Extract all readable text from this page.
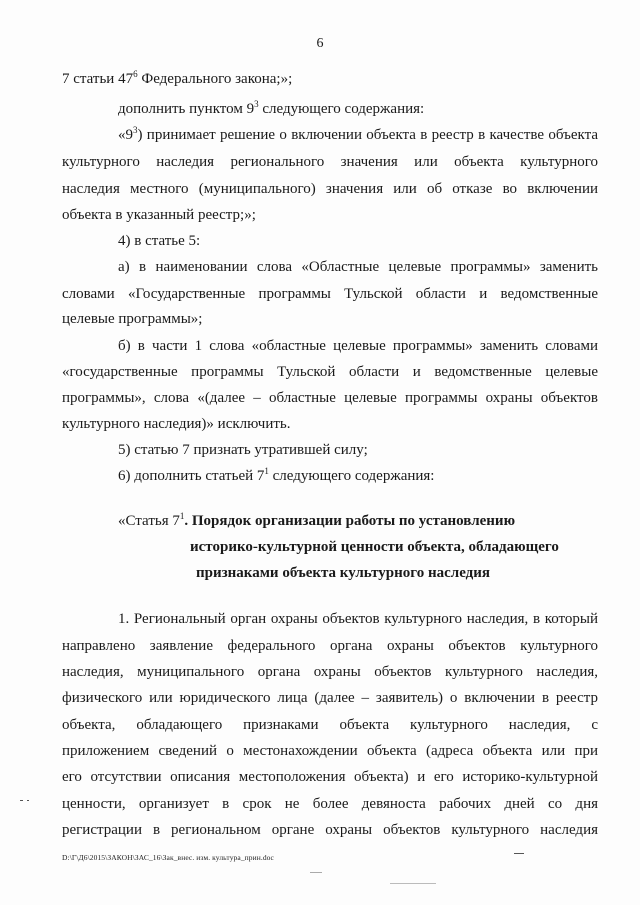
6
7 статьи $47^6$ Федерального закона;»;
дополнить пунктом $9^3$ следующего содержания:
«$9^3$) принимает решение о включении объекта в реестр в качестве объекта
культурного наследия регионального значения или объекта культурного
наследия местного (муниципального) значения или об отказе во включении
объекта в указанный реестр;»;
4) в статье 5:
а) в наименовании слова «Областные целевые программы» заменить
словами «Государственные программы Тульской области и ведомственные
целевые программы»;
б) в части 1 слова «областные целевые программы» заменить словами
«государственные программы Тульской области и ведомственные целевые
программы», слова «(далее – областные целевые программы охраны объектов
культурного наследия)» исключить.
5) статью 7 признать утратившей силу;
6) дополнить статьей $7^1$ следующего содержания:
«Статья $7^1$. Порядок организации работы по установлению
историко-культурной ценности объекта, обладающего
признаками объекта культурного наследия
1. Региональный орган охраны объектов культурного наследия, в который
направлено заявление федерального органа охраны объектов культурного
наследия, муниципального органа охраны объектов культурного наследия,
физического или юридического лица (далее – заявитель) о включении в реестр
объекта, обладающего признаками объекта культурного наследия, с
приложением сведений о местонахождении объекта (адреса объекта или при
его отсутствии описания местоположения объекта) и его историко-культурной
ценности, организует в срок не более девяноста рабочих дней со дня
регистрации в региональном органе охраны объектов культурного наследия
D:\Г\Д6\2015\ЗАКОН\ЗАС_16\Зак_внес. изм. культура_прин.doc
